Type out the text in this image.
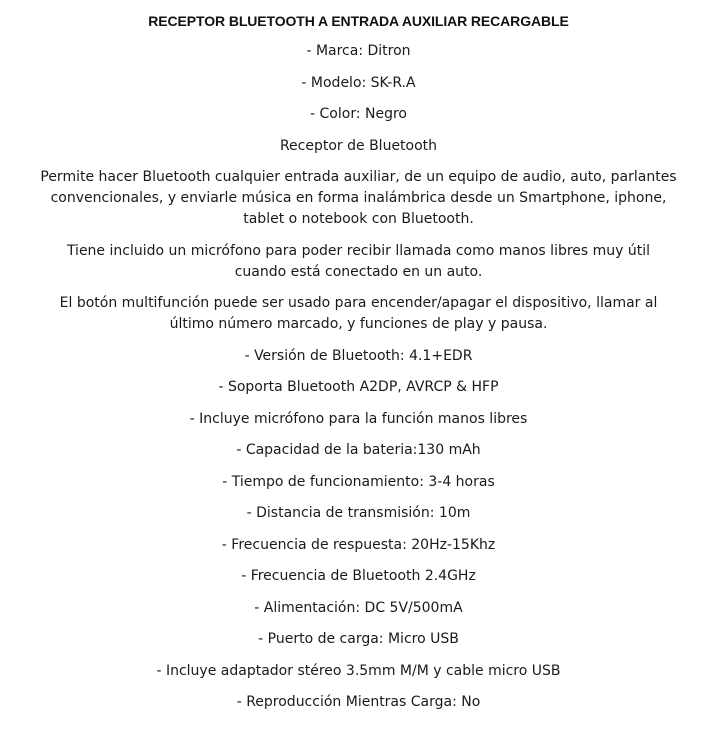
RECEPTOR BLUETOOTH A ENTRADA AUXILIAR RECARGABLE
- Marca: Ditron
- Modelo: SK-R.A
- Color: Negro
Receptor de Bluetooth
Permite hacer Bluetooth cualquier entrada auxiliar, de un equipo de audio, auto, parlantes convencionales, y enviarle música en forma inalámbrica desde un Smartphone, iphone, tablet o notebook con Bluetooth.
Tiene incluido un micrófono para poder recibir llamada como manos libres muy útil cuando está conectado en un auto.
El botón multifunción puede ser usado para encender/apagar el dispositivo, llamar al último número marcado, y funciones de play y pausa.
- Versión de Bluetooth: 4.1+EDR
- Soporta Bluetooth A2DP, AVRCP & HFP
- Incluye micrófono para la función manos libres
- Capacidad de la bateria:130 mAh
- Tiempo de funcionamiento: 3-4 horas
- Distancia de transmisión: 10m
- Frecuencia de respuesta: 20Hz-15Khz
- Frecuencia de Bluetooth 2.4GHz
- Alimentación: DC 5V/500mA
- Puerto de carga: Micro USB
- Incluye adaptador stéreo 3.5mm M/M y cable micro USB
- Reproducción Mientras Carga: No
